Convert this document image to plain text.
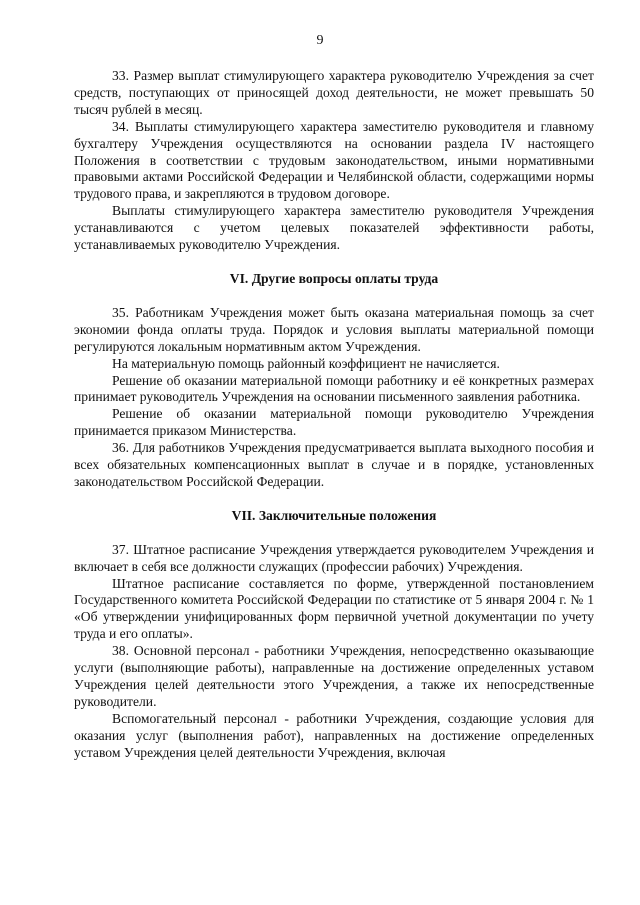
9

33. Размер выплат стимулирующего характера руководителю Учреждения за счет средств, поступающих от приносящей доход деятельности, не может превышать 50 тысяч рублей в месяц.

34. Выплаты стимулирующего характера заместителю руководителя и главному бухгалтеру Учреждения осуществляются на основании раздела IV настоящего Положения в соответствии с трудовым законодательством, иными нормативными правовыми актами Российской Федерации и Челябинской области, содержащими нормы трудового права, и закрепляются в трудовом договоре.

Выплаты стимулирующего характера заместителю руководителя Учреждения устанавливаются с учетом целевых показателей эффективности работы, устанавливаемых руководителю Учреждения.

VI. Другие вопросы оплаты труда

35. Работникам Учреждения может быть оказана материальная помощь за счет экономии фонда оплаты труда. Порядок и условия выплаты материальной помощи регулируются локальным нормативным актом Учреждения.

На материальную помощь районный коэффициент не начисляется.

Решение об оказании материальной помощи работнику и её конкретных размерах принимает руководитель Учреждения на основании письменного заявления работника.

Решение об оказании материальной помощи руководителю Учреждения принимается приказом Министерства.

36. Для работников Учреждения предусматривается выплата выходного пособия и всех обязательных компенсационных выплат в случае и в порядке, установленных законодательством Российской Федерации.

VII. Заключительные положения

37. Штатное расписание Учреждения утверждается руководителем Учреждения и включает в себя все должности служащих (профессии рабочих) Учреждения.

Штатное расписание составляется по форме, утвержденной постановлением Государственного комитета Российской Федерации по статистике от 5 января 2004 г. № 1 «Об утверждении унифицированных форм первичной учетной документации по учету труда и его оплаты».

38. Основной персонал - работники Учреждения, непосредственно оказывающие услуги (выполняющие работы), направленные на достижение определенных уставом Учреждения целей деятельности этого Учреждения, а также их непосредственные руководители.

Вспомогательный персонал - работники Учреждения, создающие условия для оказания услуг (выполнения работ), направленных на достижение определенных уставом Учреждения целей деятельности Учреждения, включая
